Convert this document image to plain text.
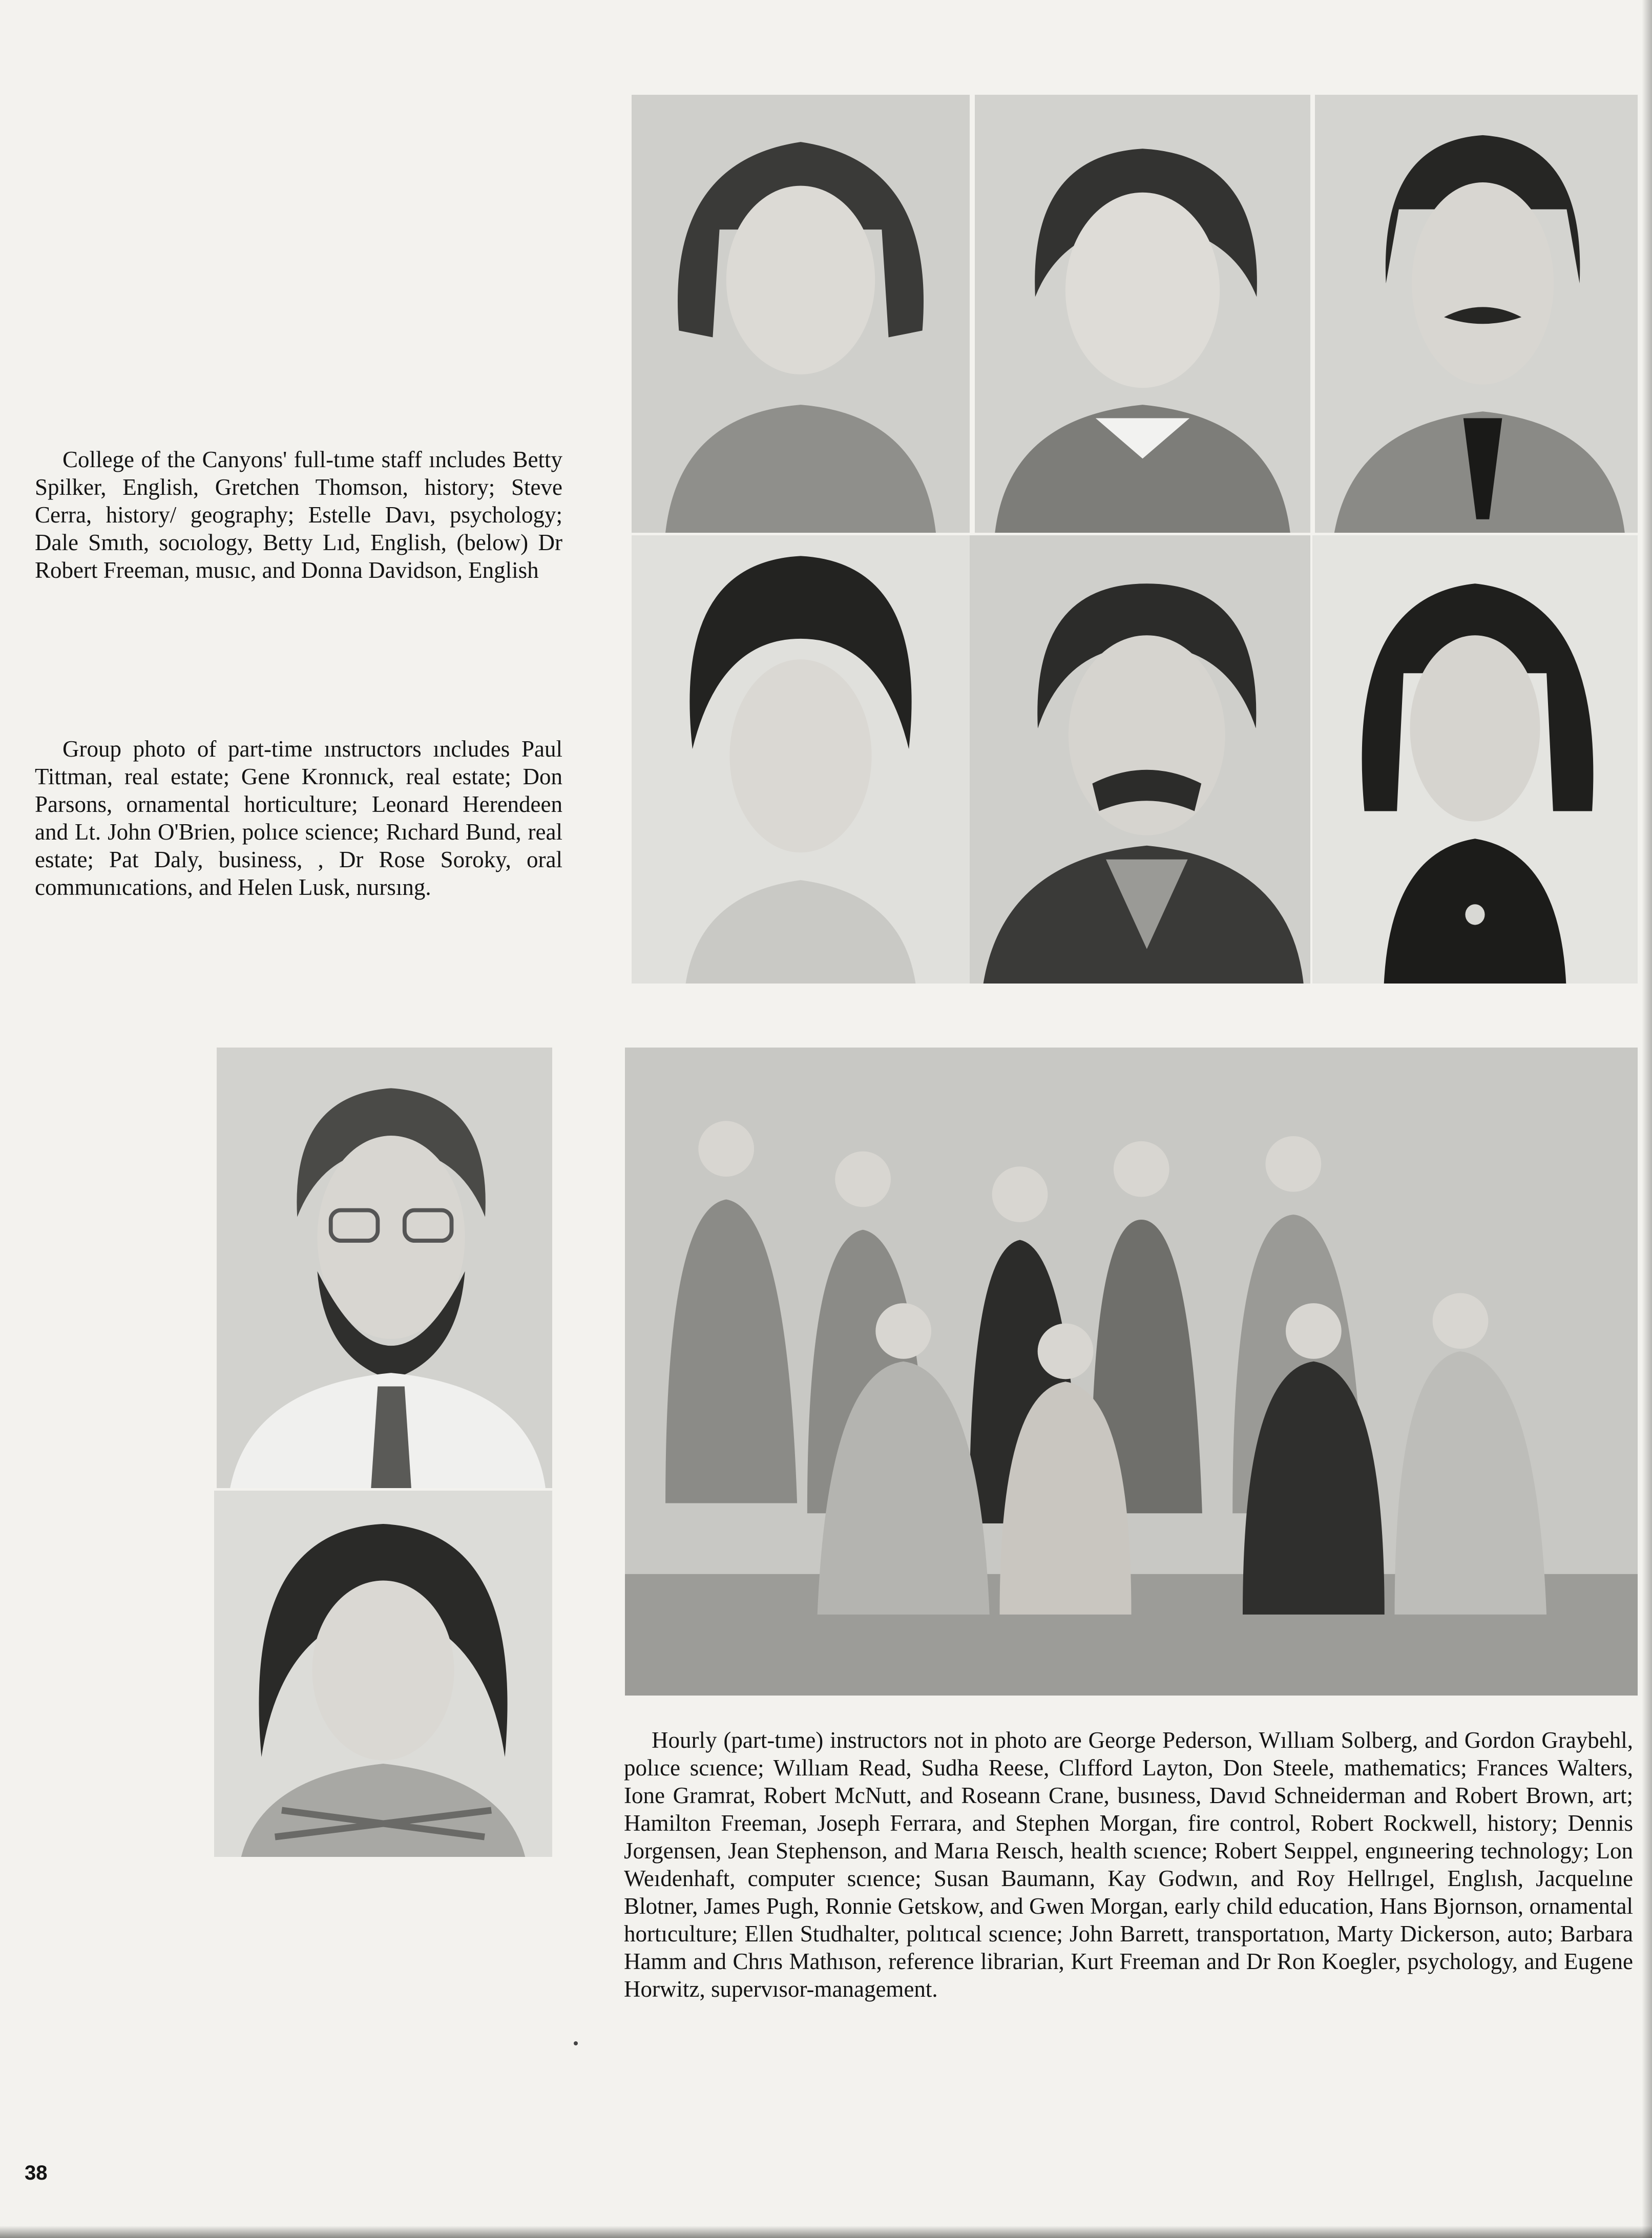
College of the Canyons' full-tıme staff ıncludes Betty Spilker, English, Gretchen Thomson, history; Steve Cerra, history/ geography; Estelle Davı, psychology; Dale Smıth, socıology, Betty Lıd, English, (below) Dr Robert Freeman, musıc, and Donna Davidson, English

Group photo of part-time ınstructors ıncludes Paul Tittman, real estate; Gene Kronnıck, real estate; Don Parsons, ornamental horticulture; Leonard Herendeen and Lt. John O'Brien, polıce science; Rıchard Bund, real estate; Pat Daly, business, , Dr Rose Soroky, oral communıcations, and Helen Lusk, nursıng.

Hourly (part-tıme) instructors not in photo are George Pederson, Wıllıam Solberg, and Gordon Graybehl, polıce scıence; Wıllıam Read, Sudha Reese, Clıfford Layton, Don Steele, mathematics; Frances Walters, Ione Gramrat, Robert McNutt, and Roseann Crane, busıness, Davıd Schneiderman and Robert Brown, art; Hamilton Freeman, Joseph Ferrara, and Stephen Morgan, fire control, Robert Rockwell, history; Dennis Jorgensen, Jean Stephenson, and Marıa Reısch, health scıence; Robert Seıppel, engıneering technology; Lon Weıdenhaft, computer scıence; Susan Baumann, Kay Godwın, and Roy Hellrıgel, Englısh, Jacquelıne Blotner, James Pugh, Ronnie Getskow, and Gwen Morgan, early child education, Hans Bjornson, ornamental hortıculture; Ellen Studhalter, polıtıcal scıence; John Barrett, transportatıon, Marty Dickerson, auto; Barbara Hamm and Chrıs Mathıson, reference librarian, Kurt Freeman and Dr Ron Koegler, psychology, and Eugene Horwitz, supervısor-management.

38
